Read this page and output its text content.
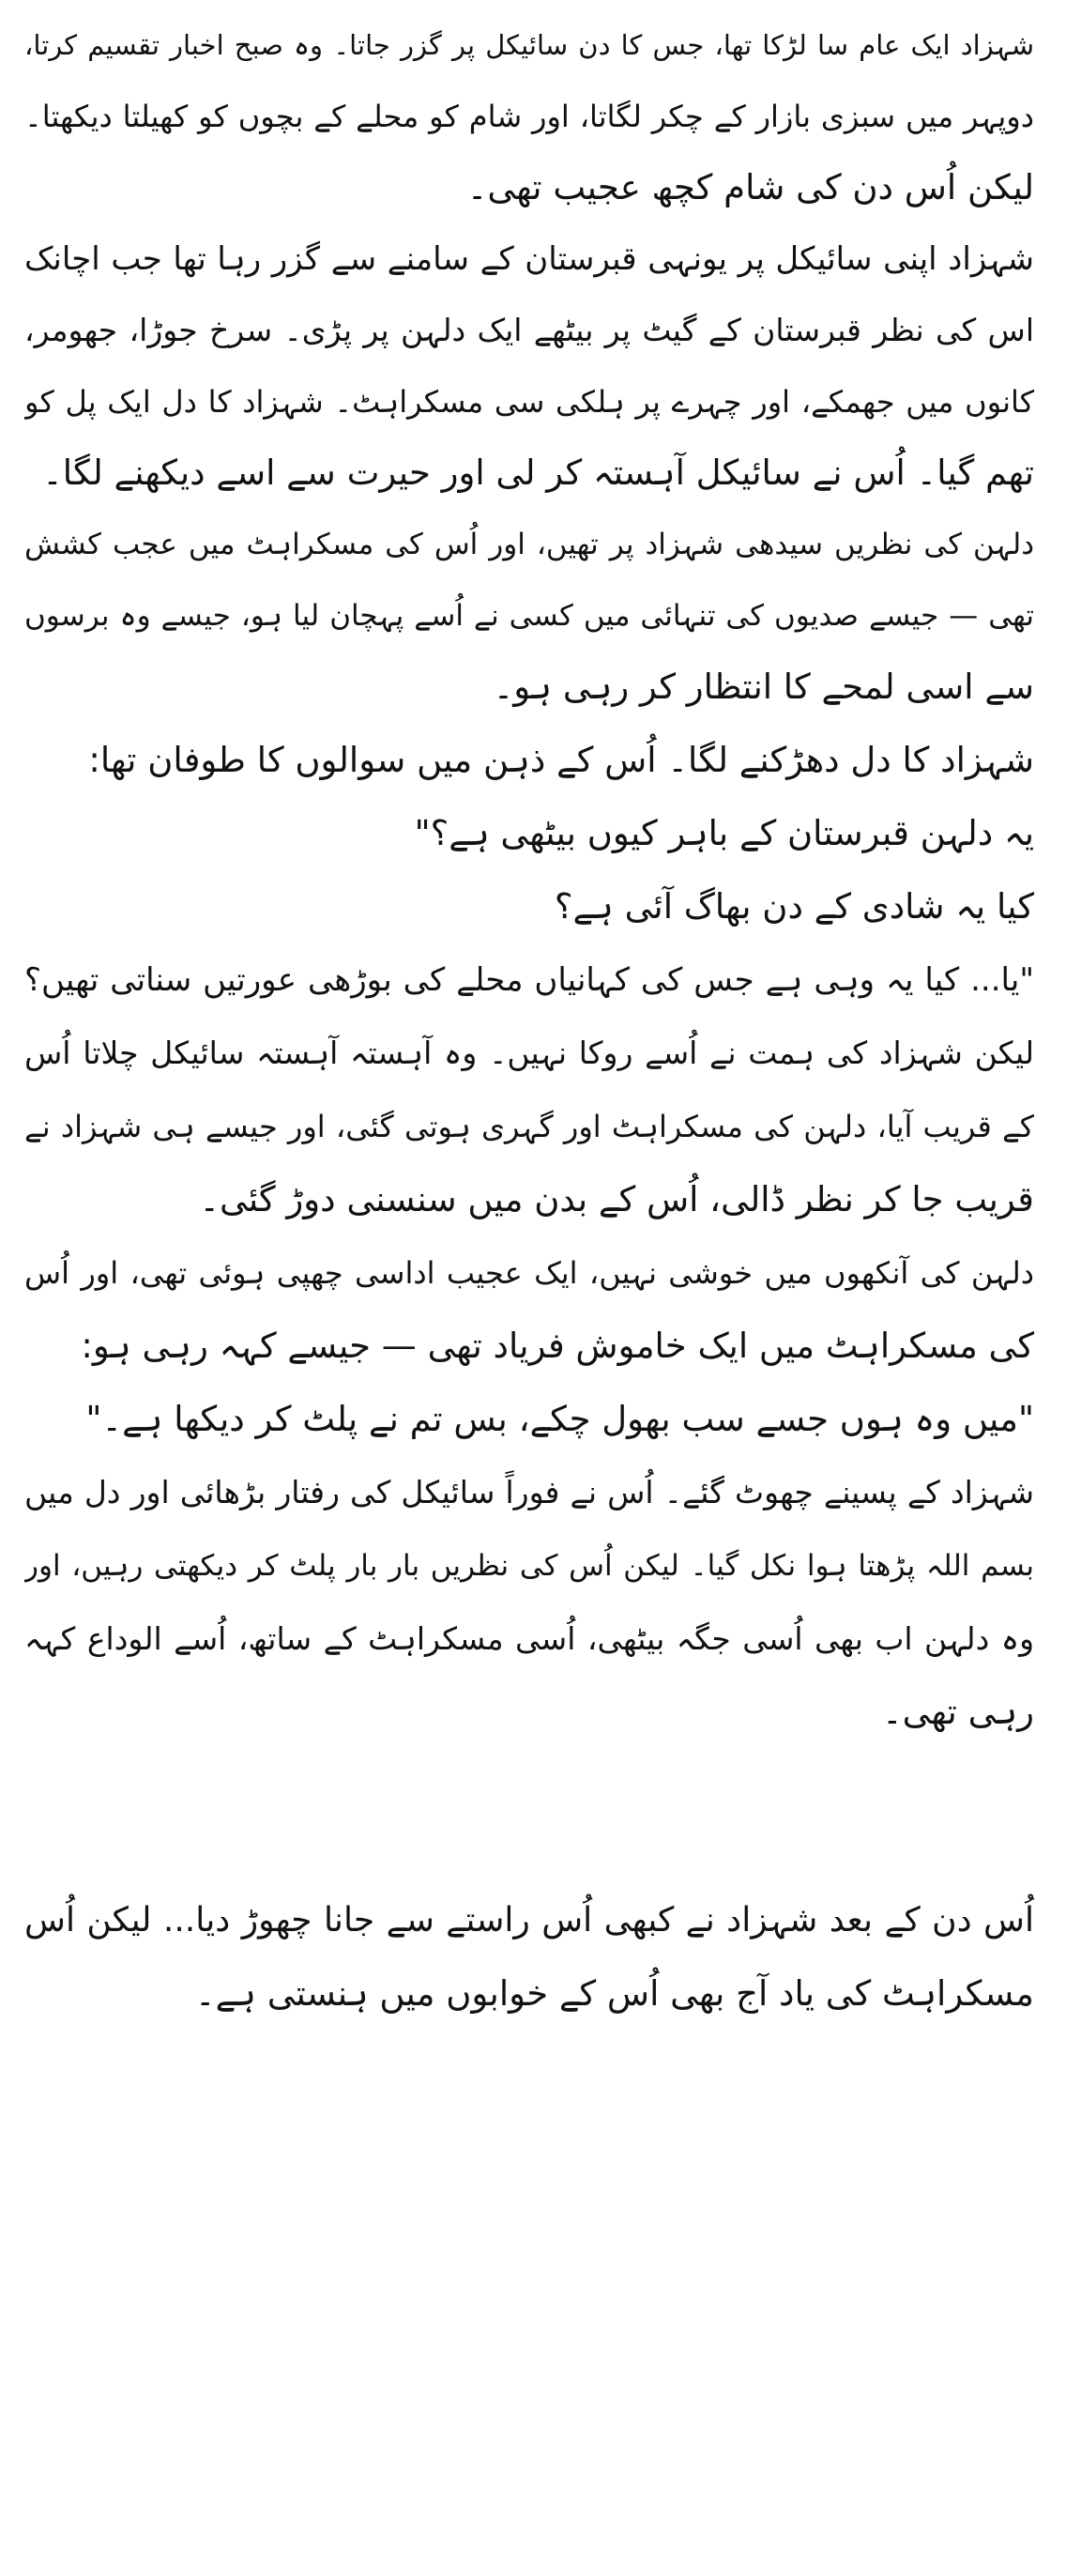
شہزاد ایک عام سا لڑکا تھا، جس کا دن سائیکل پر گزر جاتا۔ وہ صبح اخبار تقسیم کرتا،
دوپہر میں سبزی بازار کے چکر لگاتا، اور شام کو محلے کے بچوں کو کھیلتا دیکھتا۔
لیکن اُس دن کی شام کچھ عجیب تھی۔
شہزاد اپنی سائیکل پر یونہی قبرستان کے سامنے سے گزر رہا تھا جب اچانک
اس کی نظر قبرستان کے گیٹ پر بیٹھے ایک دلہن پر پڑی۔ سرخ جوڑا، جھومر،
کانوں میں جھمکے، اور چہرے پر ہلکی سی مسکراہٹ۔ شہزاد کا دل ایک پل کو
تھم گیا۔ اُس نے سائیکل آہستہ کر لی اور حیرت سے اسے دیکھنے لگا۔
دلہن کی نظریں سیدھی شہزاد پر تھیں، اور اُس کی مسکراہٹ میں عجب کشش
تھی — جیسے صدیوں کی تنہائی میں کسی نے اُسے پہچان لیا ہو، جیسے وہ برسوں
سے اسی لمحے کا انتظار کر رہی ہو۔
شہزاد کا دل دھڑکنے لگا۔ اُس کے ذہن میں سوالوں کا طوفان تھا:
یہ دلہن قبرستان کے باہر کیوں بیٹھی ہے؟"
کیا یہ شادی کے دن بھاگ آئی ہے؟
"یا... کیا یہ وہی ہے جس کی کہانیاں محلے کی بوڑھی عورتیں سناتی تھیں؟
لیکن شہزاد کی ہمت نے اُسے روکا نہیں۔ وہ آہستہ آہستہ سائیکل چلاتا اُس
کے قریب آیا، دلہن کی مسکراہٹ اور گہری ہوتی گئی، اور جیسے ہی شہزاد نے
قریب جا کر نظر ڈالی، اُس کے بدن میں سنسنی دوڑ گئی۔
دلہن کی آنکھوں میں خوشی نہیں، ایک عجیب اداسی چھپی ہوئی تھی، اور اُس
کی مسکراہٹ میں ایک خاموش فریاد تھی — جیسے کہہ رہی ہو:
"میں وہ ہوں جسے سب بھول چکے، بس تم نے پلٹ کر دیکھا ہے۔"
شہزاد کے پسینے چھوٹ گئے۔ اُس نے فوراً سائیکل کی رفتار بڑھائی اور دل میں
بسم اللہ پڑھتا ہوا نکل گیا۔ لیکن اُس کی نظریں بار بار پلٹ کر دیکھتی رہیں، اور
وہ دلہن اب بھی اُسی جگہ بیٹھی، اُسی مسکراہٹ کے ساتھ، اُسے الوداع کہہ
رہی تھی۔
اُس دن کے بعد شہزاد نے کبھی اُس راستے سے جانا چھوڑ دیا... لیکن اُس
مسکراہٹ کی یاد آج بھی اُس کے خوابوں میں ہنستی ہے۔
